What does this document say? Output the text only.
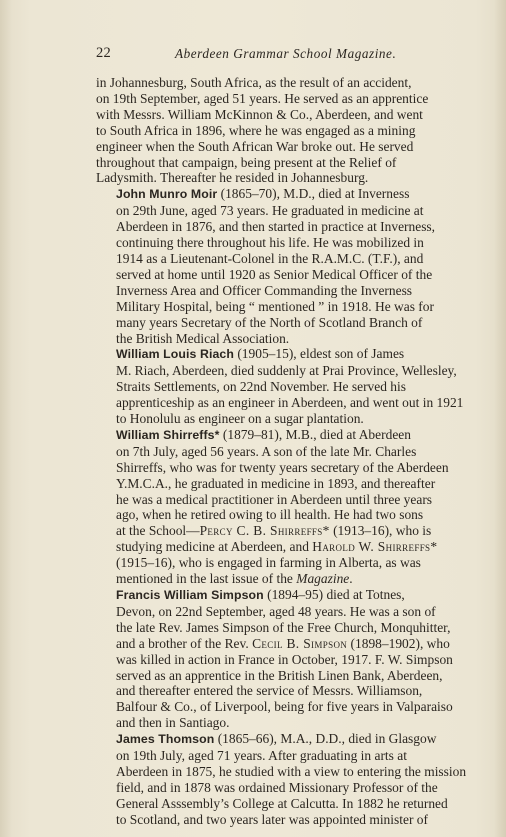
22	Aberdeen Grammar School Magazine.

in Johannesburg, South Africa, as the result of an accident,
on 19th September, aged 51 years. He served as an apprentice
with Messrs. William McKinnon & Co., Aberdeen, and went
to South Africa in 1896, where he was engaged as a mining
engineer when the South African War broke out. He served
throughout that campaign, being present at the Relief of
Ladysmith. Thereafter he resided in Johannesburg.

John Munro Moir (1865–70), M.D., died at Inverness
on 29th June, aged 73 years. He graduated in medicine at
Aberdeen in 1876, and then started in practice at Inverness,
continuing there throughout his life. He was mobilized in
1914 as a Lieutenant-Colonel in the R.A.M.C. (T.F.), and
served at home until 1920 as Senior Medical Officer of the
Inverness Area and Officer Commanding the Inverness
Military Hospital, being “ mentioned ” in 1918. He was for
many years Secretary of the North of Scotland Branch of
the British Medical Association.

William Louis Riach (1905–15), eldest son of James
M. Riach, Aberdeen, died suddenly at Prai Province, Wellesley,
Straits Settlements, on 22nd November. He served his
apprenticeship as an engineer in Aberdeen, and went out in 1921
to Honolulu as engineer on a sugar plantation.

William Shirreffs* (1879–81), M.B., died at Aberdeen
on 7th July, aged 56 years. A son of the late Mr. Charles
Shirreffs, who was for twenty years secretary of the Aberdeen
Y.M.C.A., he graduated in medicine in 1893, and thereafter
he was a medical practitioner in Aberdeen until three years
ago, when he retired owing to ill health. He had two sons
at the School—Percy C. B. Shirreffs* (1913–16), who is
studying medicine at Aberdeen, and Harold W. Shirreffs*
(1915–16), who is engaged in farming in Alberta, as was
mentioned in the last issue of the Magazine.

Francis William Simpson (1894–95) died at Totnes,
Devon, on 22nd September, aged 48 years. He was a son of
the late Rev. James Simpson of the Free Church, Monquhitter,
and a brother of the Rev. Cecil B. Simpson (1898–1902), who
was killed in action in France in October, 1917. F. W. Simpson
served as an apprentice in the British Linen Bank, Aberdeen,
and thereafter entered the service of Messrs. Williamson,
Balfour & Co., of Liverpool, being for five years in Valparaiso
and then in Santiago.

James Thomson (1865–66), M.A., D.D., died in Glasgow
on 19th July, aged 71 years. After graduating in arts at
Aberdeen in 1875, he studied with a view to entering the mission
field, and in 1878 was ordained Missionary Professor of the
General Asssembly’s College at Calcutta. In 1882 he returned
to Scotland, and two years later was appointed minister of
